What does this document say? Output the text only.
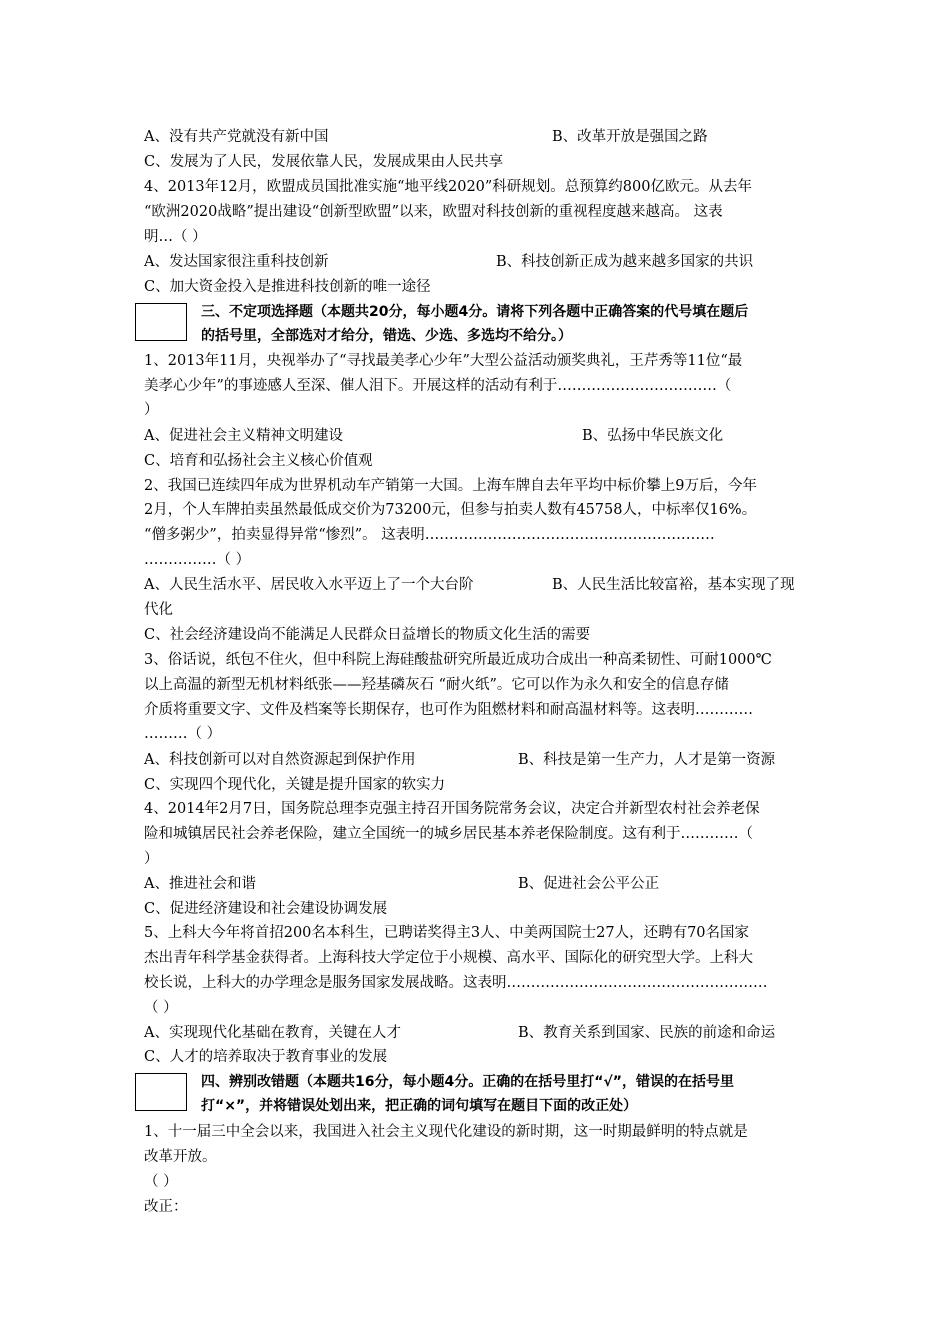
A、没有共产党就没有新中国	B、改革开放是强国之路
C、发展为了人民，发展依靠人民，发展成果由人民共享
4、2013年12月，欧盟成员国批准实施“地平线2020”科研规划。总预算约800亿欧元。从去年
“欧洲2020战略”提出建设“创新型欧盟”以来，欧盟对科技创新的重视程度越来越高。 这表
明…（ ）
A、发达国家很注重科技创新	B、科技创新正成为越来越多国家的共识
C、加大资金投入是推进科技创新的唯一途径
三、不定项选择题（本题共20分，每小题4分。请将下列各题中正确答案的代号填在题后
的括号里，全部选对才给分，错选、少选、多选均不给分。）
1、2013年11月，央视举办了“寻找最美孝心少年”大型公益活动颁奖典礼，王芹秀等11位“最
美孝心少年”的事迹感人至深、催人泪下。开展这样的活动有利于……………………………（
）
A、促进社会主义精神文明建设	B、弘扬中华民族文化
C、培育和弘扬社会主义核心价值观
2、我国已连续四年成为世界机动车产销第一大国。上海车牌自去年平均中标价攀上9万后，今年
2月，个人车牌拍卖虽然最低成交价为73200元，但参与拍卖人数有45758人，中标率仅16%。
“僧多粥少”，拍卖显得异常“惨烈”。 这表明……………………………………………………
……………（ ）
A、人民生活水平、居民收入水平迈上了一个大台阶	B、人民生活比较富裕，基本实现了现
代化
C、社会经济建设尚不能满足人民群众日益增长的物质文化生活的需要
3、俗话说，纸包不住火，但中科院上海硅酸盐研究所最近成功合成出一种高柔韧性、可耐1000℃
以上高温的新型无机材料纸张——羟基磷灰石 “耐火纸”。它可以作为永久和安全的信息存储
介质将重要文字、文件及档案等长期保存，也可作为阻燃材料和耐高温材料等。这表明…………
………（ ）
A、科技创新可以对自然资源起到保护作用	B、科技是第一生产力，人才是第一资源
C、实现四个现代化，关键是提升国家的软实力
4、2014年2月7日，国务院总理李克强主持召开国务院常务会议，决定合并新型农村社会养老保
险和城镇居民社会养老保险，建立全国统一的城乡居民基本养老保险制度。这有利于…………（
）
A、推进社会和谐	B、促进社会公平公正
C、促进经济建设和社会建设协调发展
5、上科大今年将首招200名本科生，已聘诺奖得主3人、中美两国院士27人，还聘有70名国家
杰出青年科学基金获得者。上海科技大学定位于小规模、高水平、国际化的研究型大学。上科大
校长说，上科大的办学理念是服务国家发展战略。这表明………………………………………………
（ ）
A、实现现代化基础在教育，关键在人才	B、教育关系到国家、民族的前途和命运
C、人才的培养取决于教育事业的发展
四、辨别改错题（本题共16分，每小题4分。正确的在括号里打“√”，错误的在括号里
打“×”，并将错误处划出来，把正确的词句填写在题目下面的改正处）
1、十一届三中全会以来，我国进入社会主义现代化建设的新时期，这一时期最鲜明的特点就是
改革开放。
（ ）
改正：
